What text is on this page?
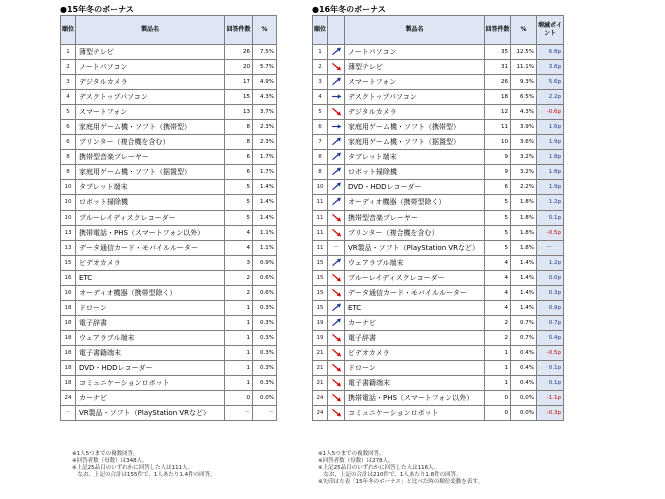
●15年冬のボーナス
順位	製品名	回答件数	%
1	薄型テレビ	26	7.5%
2	ノートパソコン	20	5.7%
3	デジタルカメラ	17	4.9%
4	デスクトップパソコン	15	4.3%
5	スマートフォン	13	3.7%
6	家庭用ゲーム機・ソフト（携帯型）	8	2.3%
6	プリンター（複合機を含む）	8	2.3%
8	携帯型音楽プレーヤー	6	1.7%
8	家庭用ゲーム機・ソフト（据置型）	6	1.7%
10	タブレット端末	5	1.4%
10	ロボット掃除機	5	1.4%
10	ブルーレイディスクレコーダー	5	1.4%
13	携帯電話・PHS（スマートフォン以外）	4	1.1%
13	データ通信カード・モバイルルーター	4	1.1%
15	ビデオカメラ	3	0.9%
16	ETC	2	0.6%
16	オーディオ機器（携帯型除く）	2	0.6%
18	ドローン	1	0.3%
18	電子辞書	1	0.3%
18	ウェアラブル端末	1	0.3%
18	電子書籍端末	1	0.3%
18	DVD・HDDレコーダー	1	0.3%
18	コミュニケーションロボット	1	0.3%
24	カーナビ	0	0.0%
－	VR製品・ソフト（PlayStation VRなど）	－	－
●16年冬のボーナス
順位		製品名	回答件数	%	増減ポイント
1		ノートパソコン	35	12.5%	6.8p
2		薄型テレビ	31	11.1%	3.6p
3		スマートフォン	26	9.3%	5.6p
4		デスクトップパソコン	18	6.5%	2.2p
5		デジタルカメラ	12	4.3%	-0.6p
6		家庭用ゲーム機・ソフト（携帯型）	11	3.9%	1.6p
7		家庭用ゲーム機・ソフト（据置型）	10	3.6%	1.9p
8		タブレット端末	9	3.2%	1.8p
8		ロボット掃除機	9	3.2%	1.8p
10		DVD・HDDレコーダー	6	2.2%	1.9p
11		オーディオ機器（携帯型除く）	5	1.8%	1.2p
11		携帯型音楽プレーヤー	5	1.8%	0.1p
11		プリンター（複合機を含む）	5	1.8%	-0.5p
11	－	VR製品・ソフト（PlayStation VRなど）	5	1.8%	－
15		ウェアラブル端末	4	1.4%	1.2p
15		ブルーレイディスクレコーダー	4	1.4%	0.0p
15		データ通信カード・モバイルルーター	4	1.4%	0.3p
15		ETC	4	1.4%	0.9p
19		カーナビ	2	0.7%	0.7p
19		電子辞書	2	0.7%	0.4p
21		ビデオカメラ	1	0.4%	-0.5p
21		ドローン	1	0.4%	0.1p
21		電子書籍端末	1	0.4%	0.1p
24		携帯電話・PHS（スマートフォン以外）	0	0.0%	-1.1p
24		コミュニケーションロボット	0	0.0%	-0.3p
※1人5つまでの複数回答。
※回答者数（母数）は348人。
※上記25品目のいずれかに回答した人は111人。
　なお、上記の合計は155件で、1人あたり1.4件の回答。
※1人5つまでの複数回答。
※回答者数（母数）は278人。
※上記25品目のいずれかに回答した人は116人。
　なお、上記の合計は210件で、1人あたり1.8件の回答。
※矢印は左表「15年冬のボーナス」と比べた時の順位変動を表す。
